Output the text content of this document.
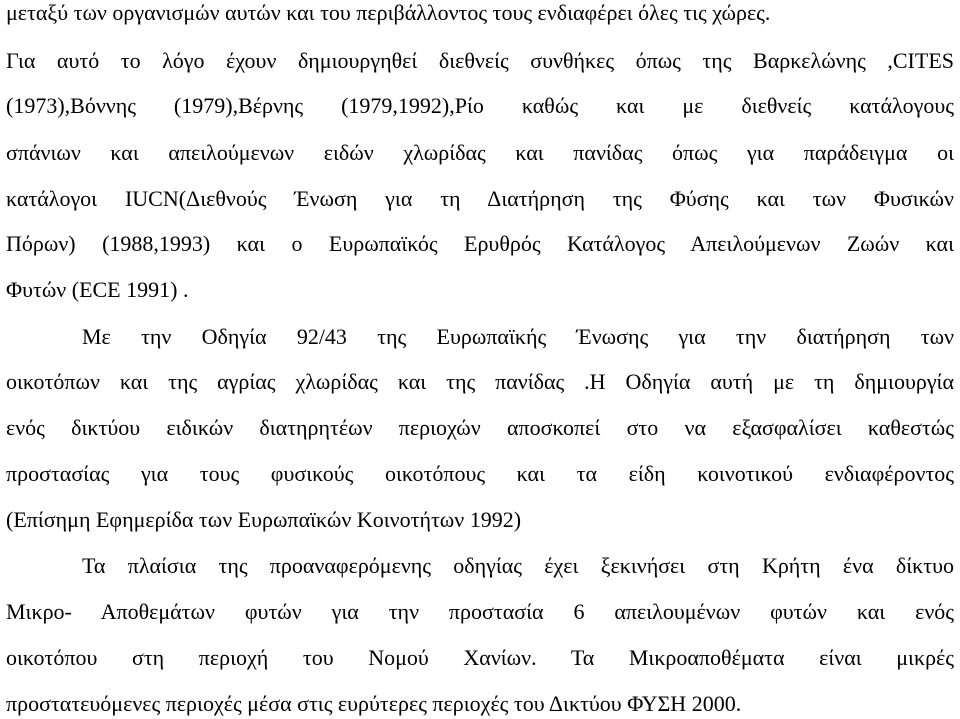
μεταξύ των οργανισμών αυτών και του περιβάλλοντος τους ενδιαφέρει όλες τις χώρες.
Για αυτό το λόγο έχουν δημιουργηθεί διεθνείς συνθήκες όπως της Βαρκελώνης ,CITES
(1973),Βόννης (1979),Βέρνης (1979,1992),Ρίο καθώς και με διεθνείς κατάλογους
σπάνιων και απειλούμενων ειδών χλωρίδας και πανίδας όπως για παράδειγμα οι
κατάλογοι IUCN(Διεθνούς Ένωση για τη Διατήρηση της Φύσης και των Φυσικών
Πόρων) (1988,1993) και ο Ευρωπαϊκός Ερυθρός Κατάλογος Απειλούμενων Ζωών και
Φυτών (ECE 1991) .
Με την Οδηγία 92/43 της Ευρωπαϊκής Ένωσης για την διατήρηση των
οικοτόπων και της αγρίας χλωρίδας και της πανίδας .Η Οδηγία αυτή με τη δημιουργία
ενός δικτύου ειδικών διατηρητέων περιοχών αποσκοπεί στο να εξασφαλίσει καθεστώς
προστασίας για τους φυσικούς οικοτόπους και τα είδη κοινοτικού ενδιαφέροντος
(Επίσημη Εφημερίδα των Ευρωπαϊκών Κοινοτήτων 1992)
Τα πλαίσια της προαναφερόμενης οδηγίας έχει ξεκινήσει στη Κρήτη ένα δίκτυο
Μικρο- Αποθεμάτων φυτών για την προστασία 6 απειλουμένων φυτών και ενός
οικοτόπου στη περιοχή του Νομού Χανίων. Τα Μικροαποθέματα είναι μικρές
προστατευόμενες περιοχές μέσα στις ευρύτερες περιοχές του Δικτύου ΦΥΣΗ 2000.
